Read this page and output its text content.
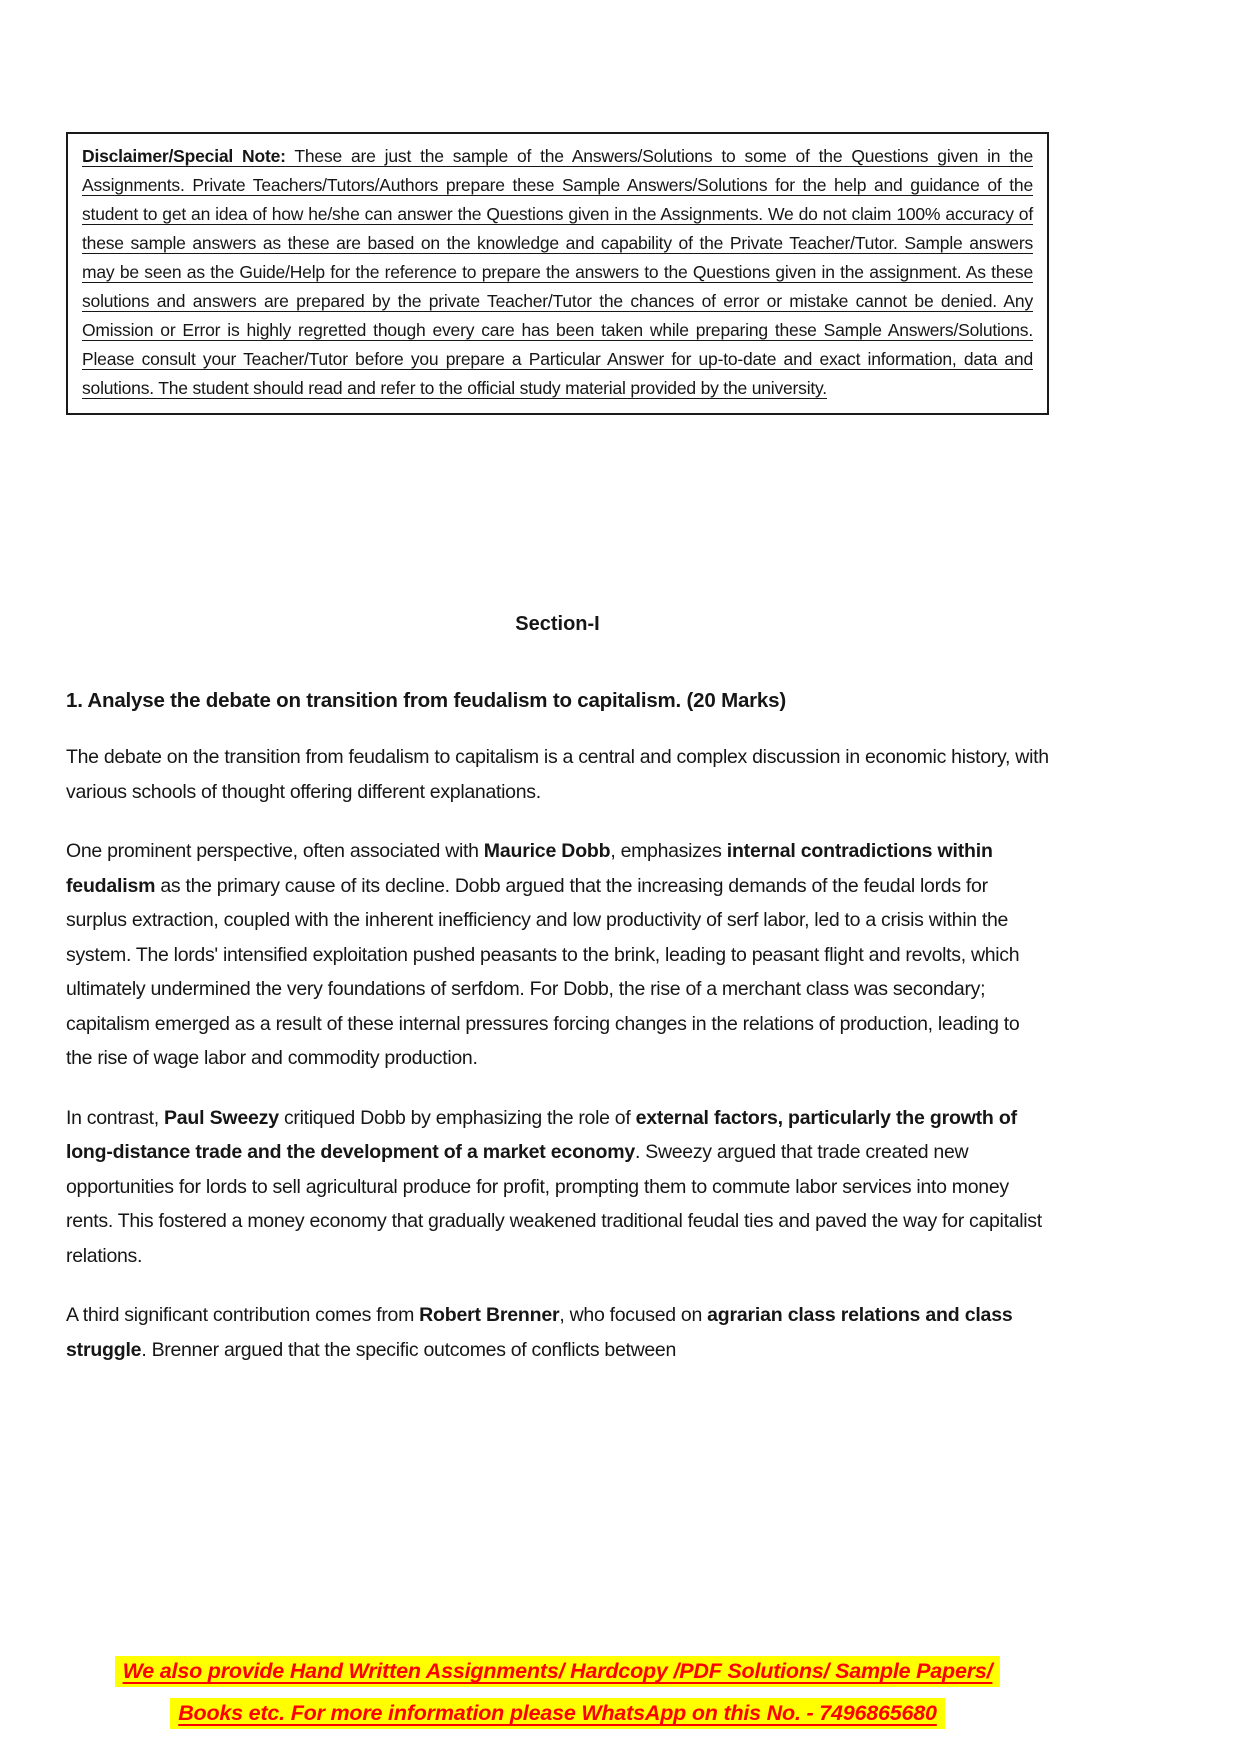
Disclaimer/Special Note: These are just the sample of the Answers/Solutions to some of the Questions given in the Assignments. Private Teachers/Tutors/Authors prepare these Sample Answers/Solutions for the help and guidance of the student to get an idea of how he/she can answer the Questions given in the Assignments. We do not claim 100% accuracy of these sample answers as these are based on the knowledge and capability of the Private Teacher/Tutor. Sample answers may be seen as the Guide/Help for the reference to prepare the answers to the Questions given in the assignment. As these solutions and answers are prepared by the private Teacher/Tutor the chances of error or mistake cannot be denied. Any Omission or Error is highly regretted though every care has been taken while preparing these Sample Answers/Solutions. Please consult your Teacher/Tutor before you prepare a Particular Answer for up-to-date and exact information, data and solutions. The student should read and refer to the official study material provided by the university.
Section-I
1. Analyse the debate on transition from feudalism to capitalism. (20 Marks)

The debate on the transition from feudalism to capitalism is a central and complex discussion in economic history, with various schools of thought offering different explanations.

One prominent perspective, often associated with Maurice Dobb, emphasizes internal contradictions within feudalism as the primary cause of its decline. Dobb argued that the increasing demands of the feudal lords for surplus extraction, coupled with the inherent inefficiency and low productivity of serf labor, led to a crisis within the system. The lords' intensified exploitation pushed peasants to the brink, leading to peasant flight and revolts, which ultimately undermined the very foundations of serfdom. For Dobb, the rise of a merchant class was secondary; capitalism emerged as a result of these internal pressures forcing changes in the relations of production, leading to the rise of wage labor and commodity production.

In contrast, Paul Sweezy critiqued Dobb by emphasizing the role of external factors, particularly the growth of long-distance trade and the development of a market economy. Sweezy argued that trade created new opportunities for lords to sell agricultural produce for profit, prompting them to commute labor services into money rents. This fostered a money economy that gradually weakened traditional feudal ties and paved the way for capitalist relations.

A third significant contribution comes from Robert Brenner, who focused on agrarian class relations and class struggle. Brenner argued that the specific outcomes of conflicts between

We also provide Hand Written Assignments/ Hardcopy /PDF Solutions/ Sample Papers/
Books etc. For more information please WhatsApp on this No. - 7496865680
